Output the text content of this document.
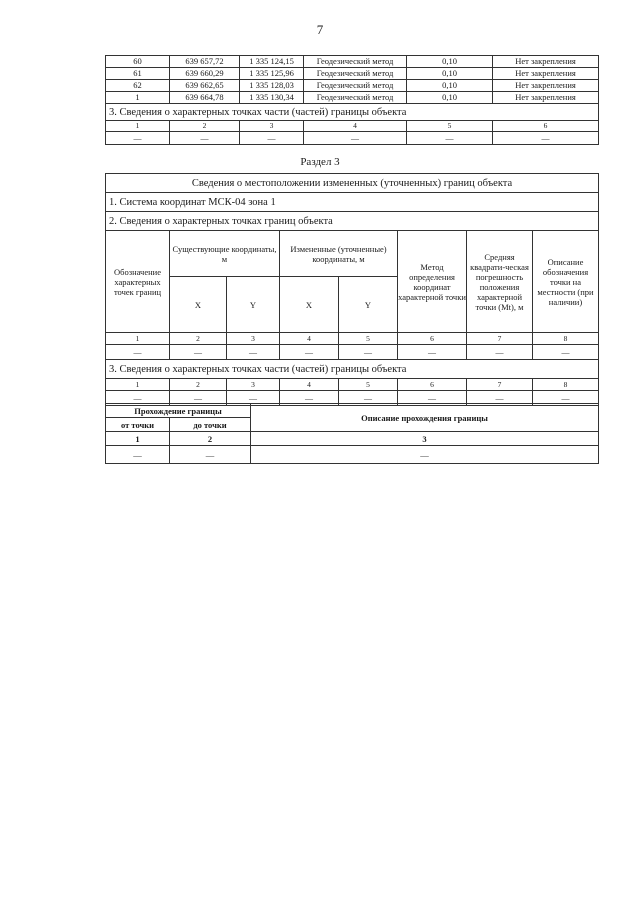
7
60	639 657,72	1 335 124,15	Геодезический метод	0,10	Нет закрепления
61	639 660,29	1 335 125,96	Геодезический метод	0,10	Нет закрепления
62	639 662,65	1 335 128,03	Геодезический метод	0,10	Нет закрепления
1	639 664,78	1 335 130,34	Геодезический метод	0,10	Нет закрепления
3. Сведения о характерных точках части (частей) границы объекта					
1	2	3	4	5	6
—	—	—	—	—	—
Раздел 3
Сведения о местоположении измененных (уточненных) границ объекта							
1. Система координат МСК-04 зона 1							
2. Сведения о характерных точках границ объекта							
Обозначение характерных точек границ	Существующие координаты, м		Измененные (уточненные) координаты, м		Метод определения координат характерной точки	Средняя квадрати-ческая погрешность положения характерной точки (Mt), м	Описание обозначения точки на местности (при наличии)
	X	Y	X	Y			
1	2	3	4	5	6	7	8
—	—	—	—	—	—	—	—
3. Сведения о характерных точках части (частей) границы объекта							
1	2	3	4	5	6	7	8
—	—	—	—	—	—	—	—
Прохождение границы		Описание прохождения границы
от точки	до точки	
1	2	3
—	—	—
